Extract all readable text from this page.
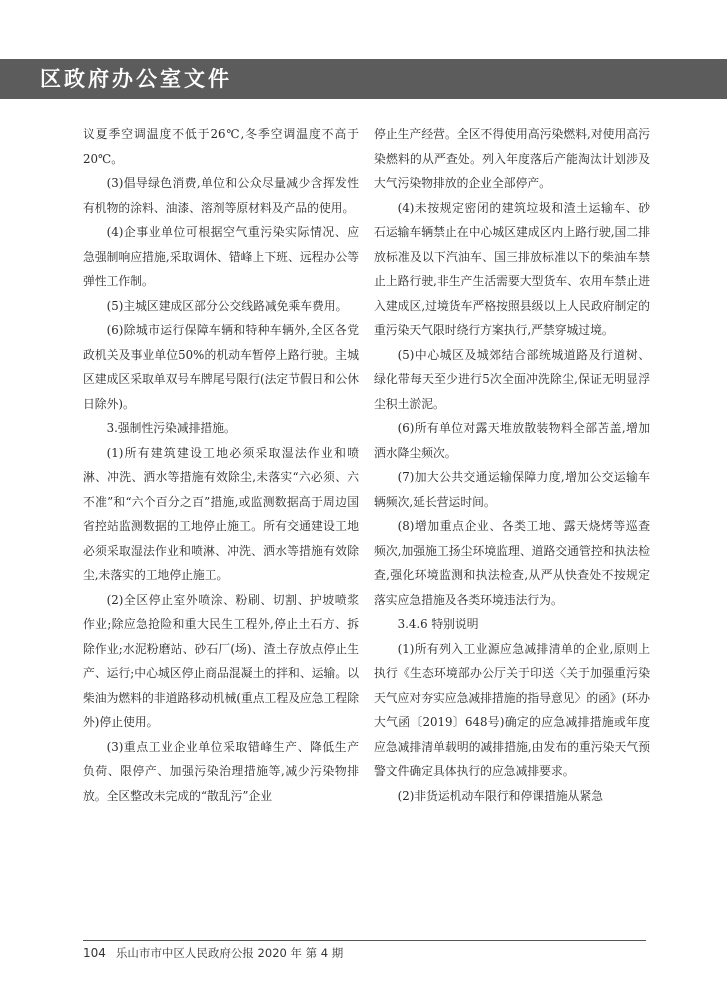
区政府办公室文件

议夏季空调温度不低于26℃,冬季空调温度不高于20℃。

(3)倡导绿色消费,单位和公众尽量减少含挥发性有机物的涂料、油漆、溶剂等原材料及产品的使用。

(4)企事业单位可根据空气重污染实际情况、应急强制响应措施,采取调休、错峰上下班、远程办公等弹性工作制。

(5)主城区建成区部分公交线路减免乘车费用。

(6)除城市运行保障车辆和特种车辆外,全区各党政机关及事业单位50%的机动车暂停上路行驶。主城区建成区采取单双号车牌尾号限行(法定节假日和公休日除外)。

3.强制性污染减排措施。

(1)所有建筑建设工地必须采取湿法作业和喷淋、冲洗、洒水等措施有效除尘,未落实“六必须、六不准”和“六个百分之百”措施,或监测数据高于周边国省控站监测数据的工地停止施工。所有交通建设工地必须采取湿法作业和喷淋、冲洗、洒水等措施有效除尘,未落实的工地停止施工。

(2)全区停止室外喷涂、粉刷、切割、护坡喷浆作业;除应急抢险和重大民生工程外,停止土石方、拆除作业;水泥粉磨站、砂石厂(场)、渣土存放点停止生产、运行;中心城区停止商品混凝土的拌和、运输。以柴油为燃料的非道路移动机械(重点工程及应急工程除外)停止使用。

(3)重点工业企业单位采取错峰生产、降低生产负荷、限停产、加强污染治理措施等,减少污染物排放。全区整改未完成的“散乱污”企业

停止生产经营。全区不得使用高污染燃料,对使用高污染燃料的从严查处。列入年度落后产能淘汰计划涉及大气污染物排放的企业全部停产。

(4)未按规定密闭的建筑垃圾和渣土运输车、砂石运输车辆禁止在中心城区建成区内上路行驶,国二排放标准及以下汽油车、国三排放标准以下的柴油车禁止上路行驶,非生产生活需要大型货车、农用车禁止进入建成区,过境货车严格按照县级以上人民政府制定的重污染天气限时绕行方案执行,严禁穿城过境。

(5)中心城区及城郊结合部统城道路及行道树、绿化带每天至少进行5次全面冲洗除尘,保证无明显浮尘积土淤泥。

(6)所有单位对露天堆放散装物料全部苫盖,增加洒水降尘频次。

(7)加大公共交通运输保障力度,增加公交运输车辆频次,延长营运时间。

(8)增加重点企业、各类工地、露天烧烤等巡查频次,加强施工扬尘环境监理、道路交通管控和执法检查,强化环境监测和执法检查,从严从快查处不按规定落实应急措施及各类环境违法行为。

3.4.6 特别说明

(1)所有列入工业源应急减排清单的企业,原则上执行《生态环境部办公厅关于印送〈关于加强重污染天气应对夯实应急减排措施的指导意见〉的函》(环办大气函〔2019〕648号)确定的应急减排措施或年度应急减排清单载明的减排措施,由发布的重污染天气预警文件确定具体执行的应急减排要求。

(2)非货运机动车限行和停课措施从紧急

104 乐山市市中区人民政府公报 2020 年 第 4 期
